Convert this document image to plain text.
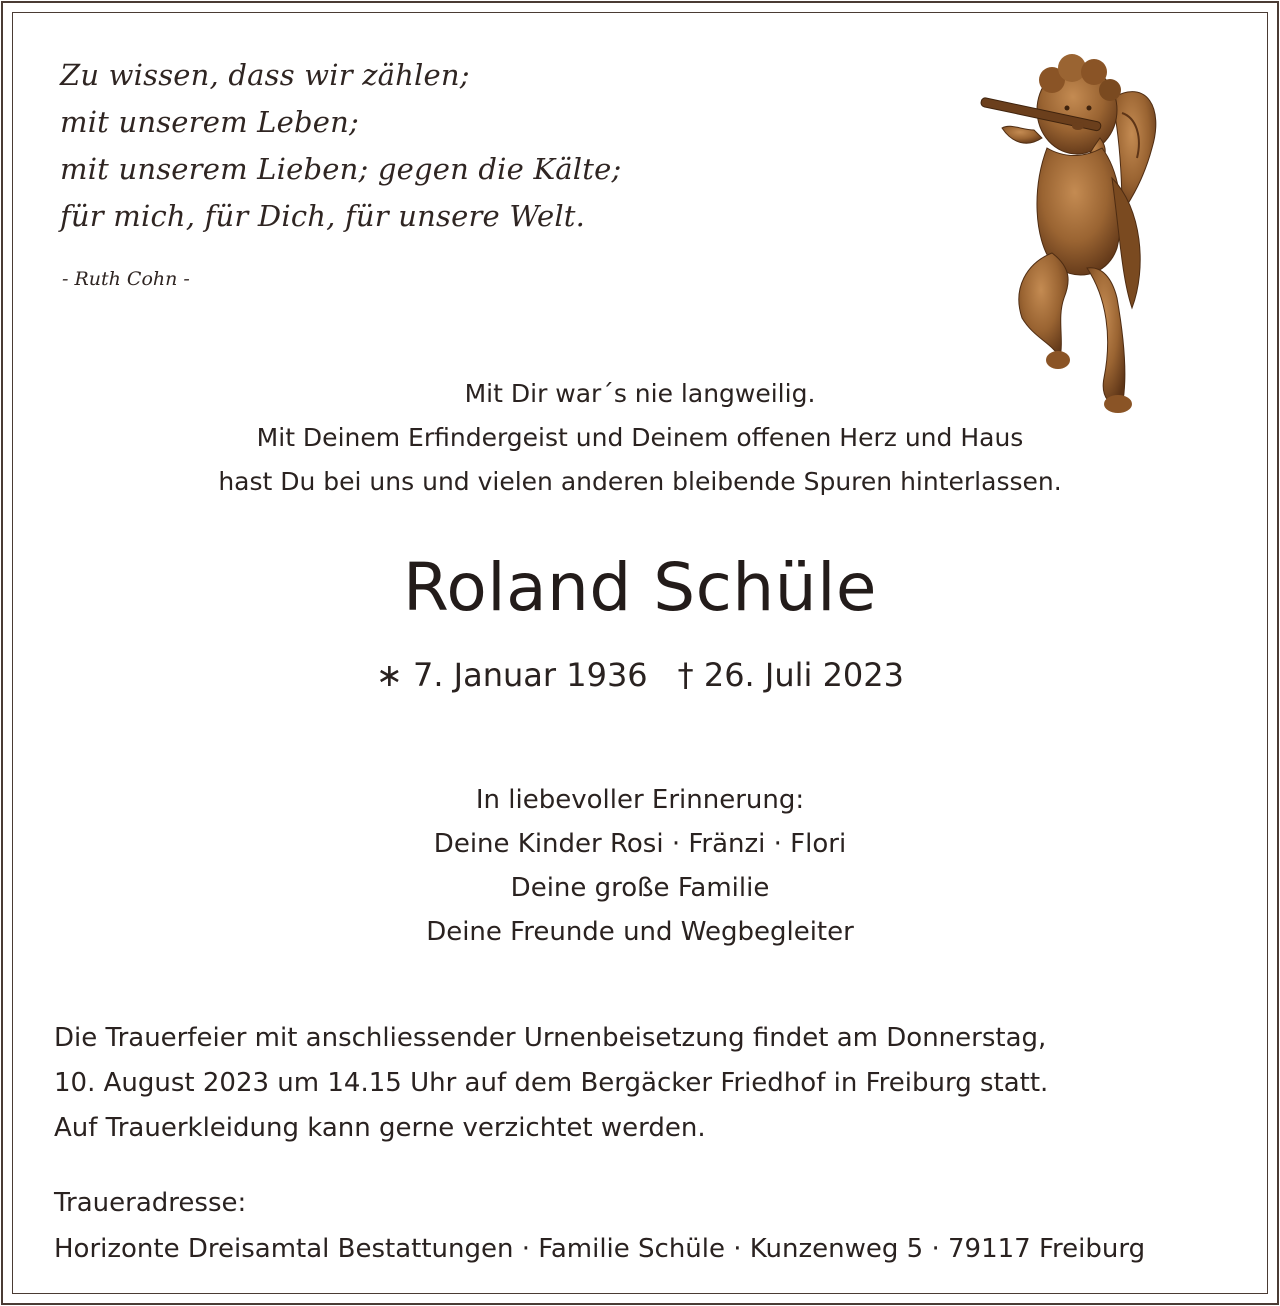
Zu wissen, dass wir zählen;
mit unserem Leben;
mit unserem Lieben; gegen die Kälte;
für mich, für Dich, für unsere Welt.
- Ruth Cohn -
Mit Dir war´s nie langweilig.
Mit Deinem Erfindergeist und Deinem offenen Herz und Haus
hast Du bei uns und vielen anderen bleibende Spuren hinterlassen.
Roland Schüle
∗ 7. Januar 1936 † 26. Juli 2023
In liebevoller Erinnerung:
Deine Kinder Rosi · Fränzi · Flori
Deine große Familie
Deine Freunde und Wegbegleiter
Die Trauerfeier mit anschliessender Urnenbeisetzung findet am Donnerstag,
10. August 2023 um 14.15 Uhr auf dem Bergäcker Friedhof in Freiburg statt.
Auf Trauerkleidung kann gerne verzichtet werden.
Traueradresse:
Horizonte Dreisamtal Bestattungen · Familie Schüle · Kunzenweg 5 · 79117 Freiburg
